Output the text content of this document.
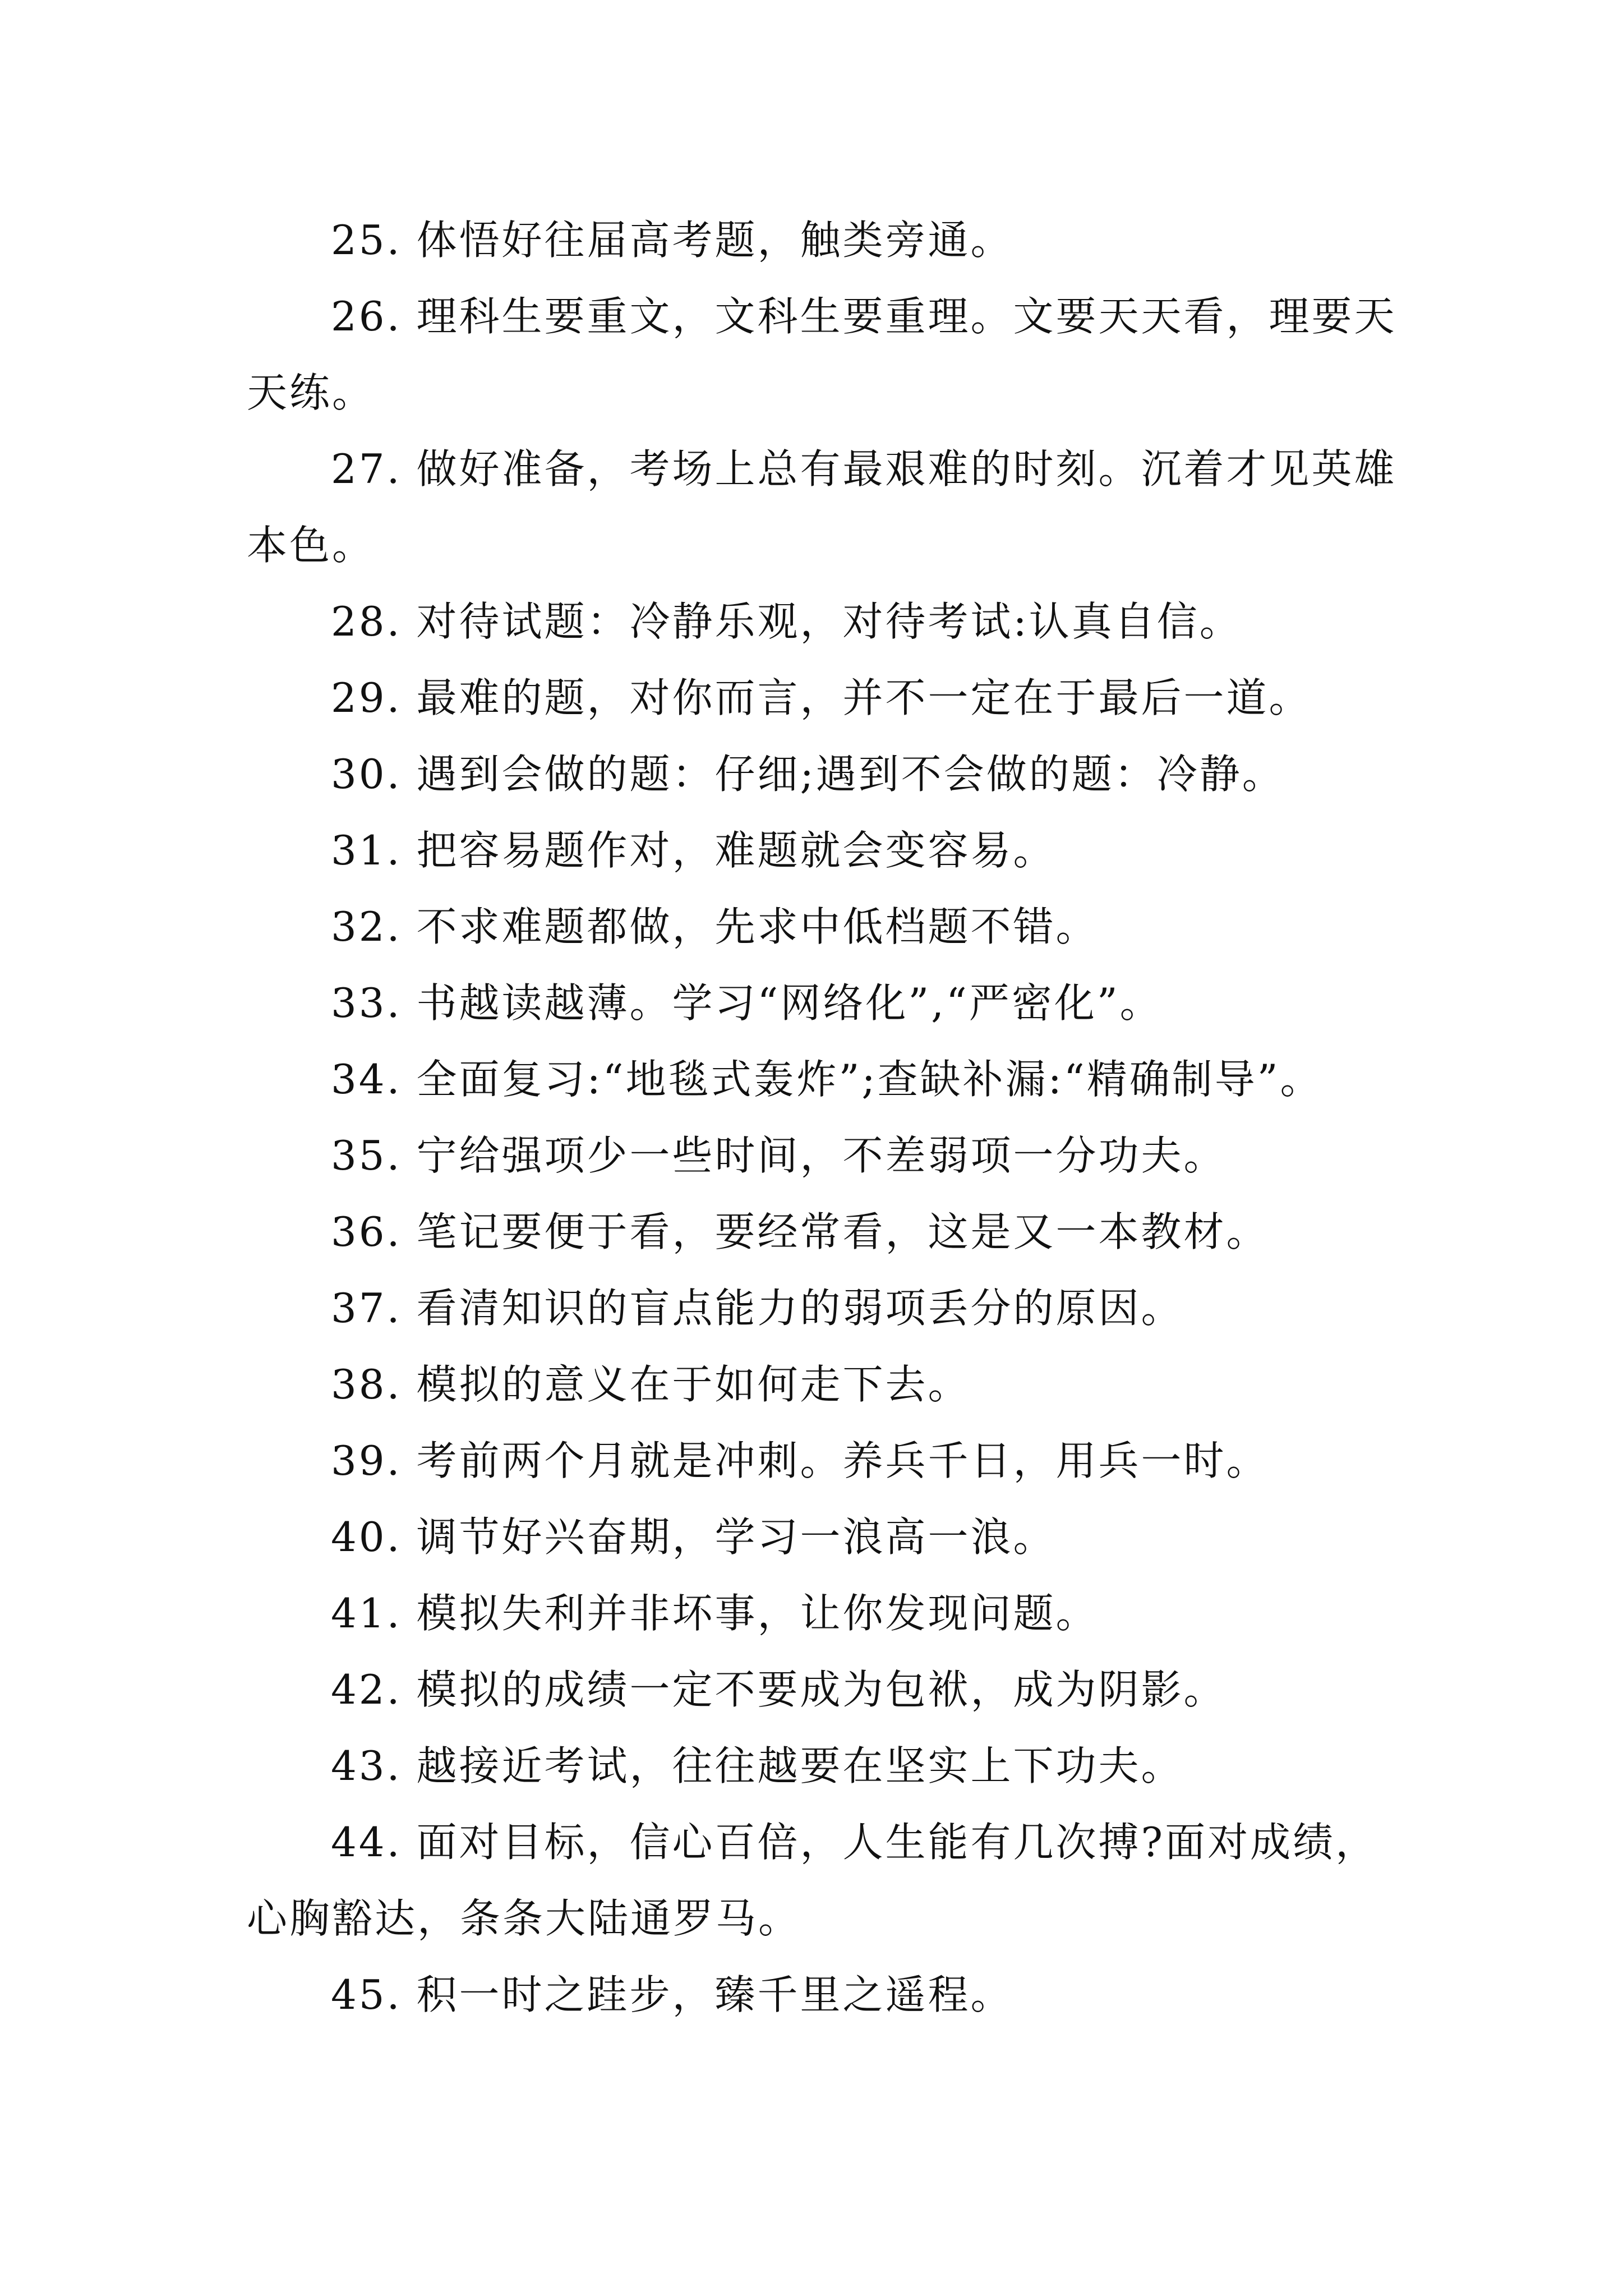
25. 体悟好往届高考题，触类旁通。

26. 理科生要重文，文科生要重理。文要天天看，理要天天练。

27. 做好准备，考场上总有最艰难的时刻。沉着才见英雄本色。

28. 对待试题：冷静乐观，对待考试:认真自信。

29. 最难的题，对你而言，并不一定在于最后一道。

30. 遇到会做的题：仔细;遇到不会做的题：冷静。

31. 把容易题作对，难题就会变容易。

32. 不求难题都做，先求中低档题不错。

33. 书越读越薄。学习“网络化”,“严密化”。

34. 全面复习:“地毯式轰炸”;查缺补漏:“精确制导”。

35. 宁给强项少一些时间，不差弱项一分功夫。

36. 笔记要便于看，要经常看，这是又一本教材。

37. 看清知识的盲点能力的弱项丢分的原因。

38. 模拟的意义在于如何走下去。

39. 考前两个月就是冲刺。养兵千日，用兵一时。

40. 调节好兴奋期，学习一浪高一浪。

41. 模拟失利并非坏事，让你发现问题。

42. 模拟的成绩一定不要成为包袱，成为阴影。

43. 越接近考试，往往越要在坚实上下功夫。

44. 面对目标，信心百倍，人生能有几次搏?面对成绩，心胸豁达，条条大陆通罗马。

45. 积一时之跬步，臻千里之遥程。
